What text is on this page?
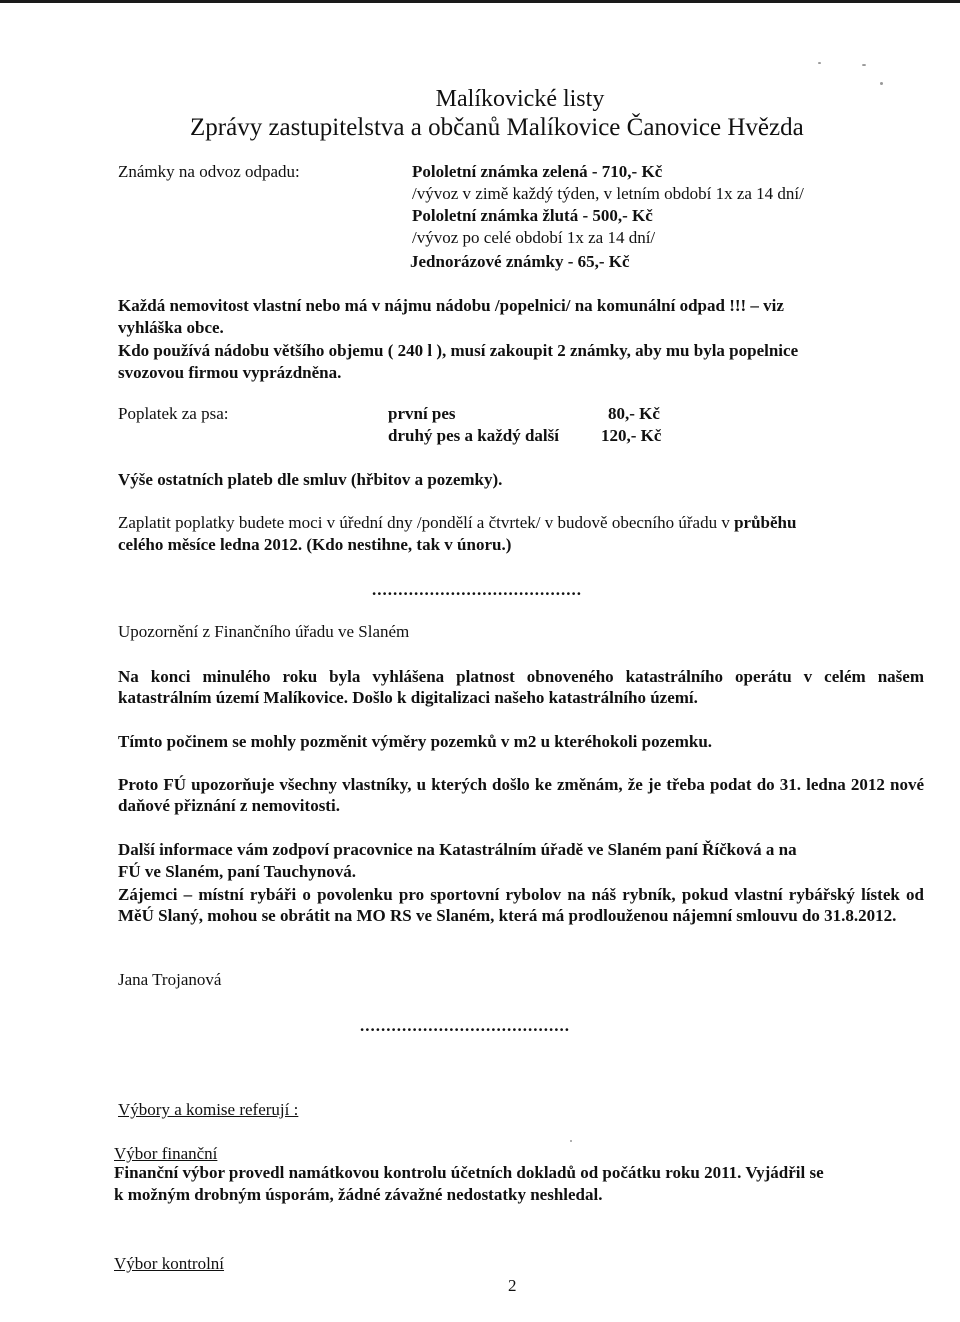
Malíkovické listy
Zprávy zastupitelstva a občanů Malíkovice Čanovice Hvězda
Známky na odvoz odpadu:	Pololetní známka zelená - 710,- Kč
/vývoz v zimě každý týden, v letním období 1x za 14 dní/
Pololetní známka žlutá - 500,- Kč
/vývoz po celé období 1x za 14 dní/
Jednorázové známky - 65,- Kč
Každá nemovitost vlastní nebo má v nájmu nádobu /popelnici/ na komunální odpad !!! – viz
vyhláška obce.
Kdo používá nádobu většího objemu ( 240 l ), musí zakoupit 2 známky, aby mu byla popelnice
svozovou firmou vyprázdněna.
Poplatek za psa:	první pes	80,- Kč
druhý pes a každý další 120,- Kč
Výše ostatních plateb dle smluv (hřbitov a pozemky).
Zaplatit poplatky budete moci v úřední dny /pondělí a čtvrtek/ v budově obecního úřadu v průběhu
celého měsíce ledna 2012. (Kdo nestihne, tak v únoru.)
........................................
Upozornění z Finančního úřadu ve Slaném
Na konci minulého roku byla vyhlášena platnost obnoveného katastrálního operátu v celém našem katastrálním území Malíkovice. Došlo k digitalizaci našeho katastrálního území.
Tímto počinem se mohly pozměnit výměry pozemků v m2 u kteréhokoli pozemku.
Proto FÚ upozorňuje všechny vlastníky, u kterých došlo ke změnám, že je třeba podat do 31. ledna 2012 nové daňové přiznání z nemovitosti.
Další informace vám zodpoví pracovnice na Katastrálním úřadě ve Slaném paní Říčková a na
FÚ ve Slaném, paní Tauchynová.
Zájemci – místní rybáři o povolenku pro sportovní rybolov na náš rybník, pokud vlastní rybářský lístek od MěÚ Slaný, mohou se obrátit na MO RS ve Slaném, která má prodlouženou nájemní smlouvu do 31.8.2012.
Jana Trojanová
........................................
Výbory a komise referují :
Výbor finanční
Finanční výbor provedl namátkovou kontrolu účetních dokladů od počátku roku 2011. Vyjádřil se
k možným drobným úsporám, žádné závažné nedostatky neshledal.
Výbor kontrolní
2
